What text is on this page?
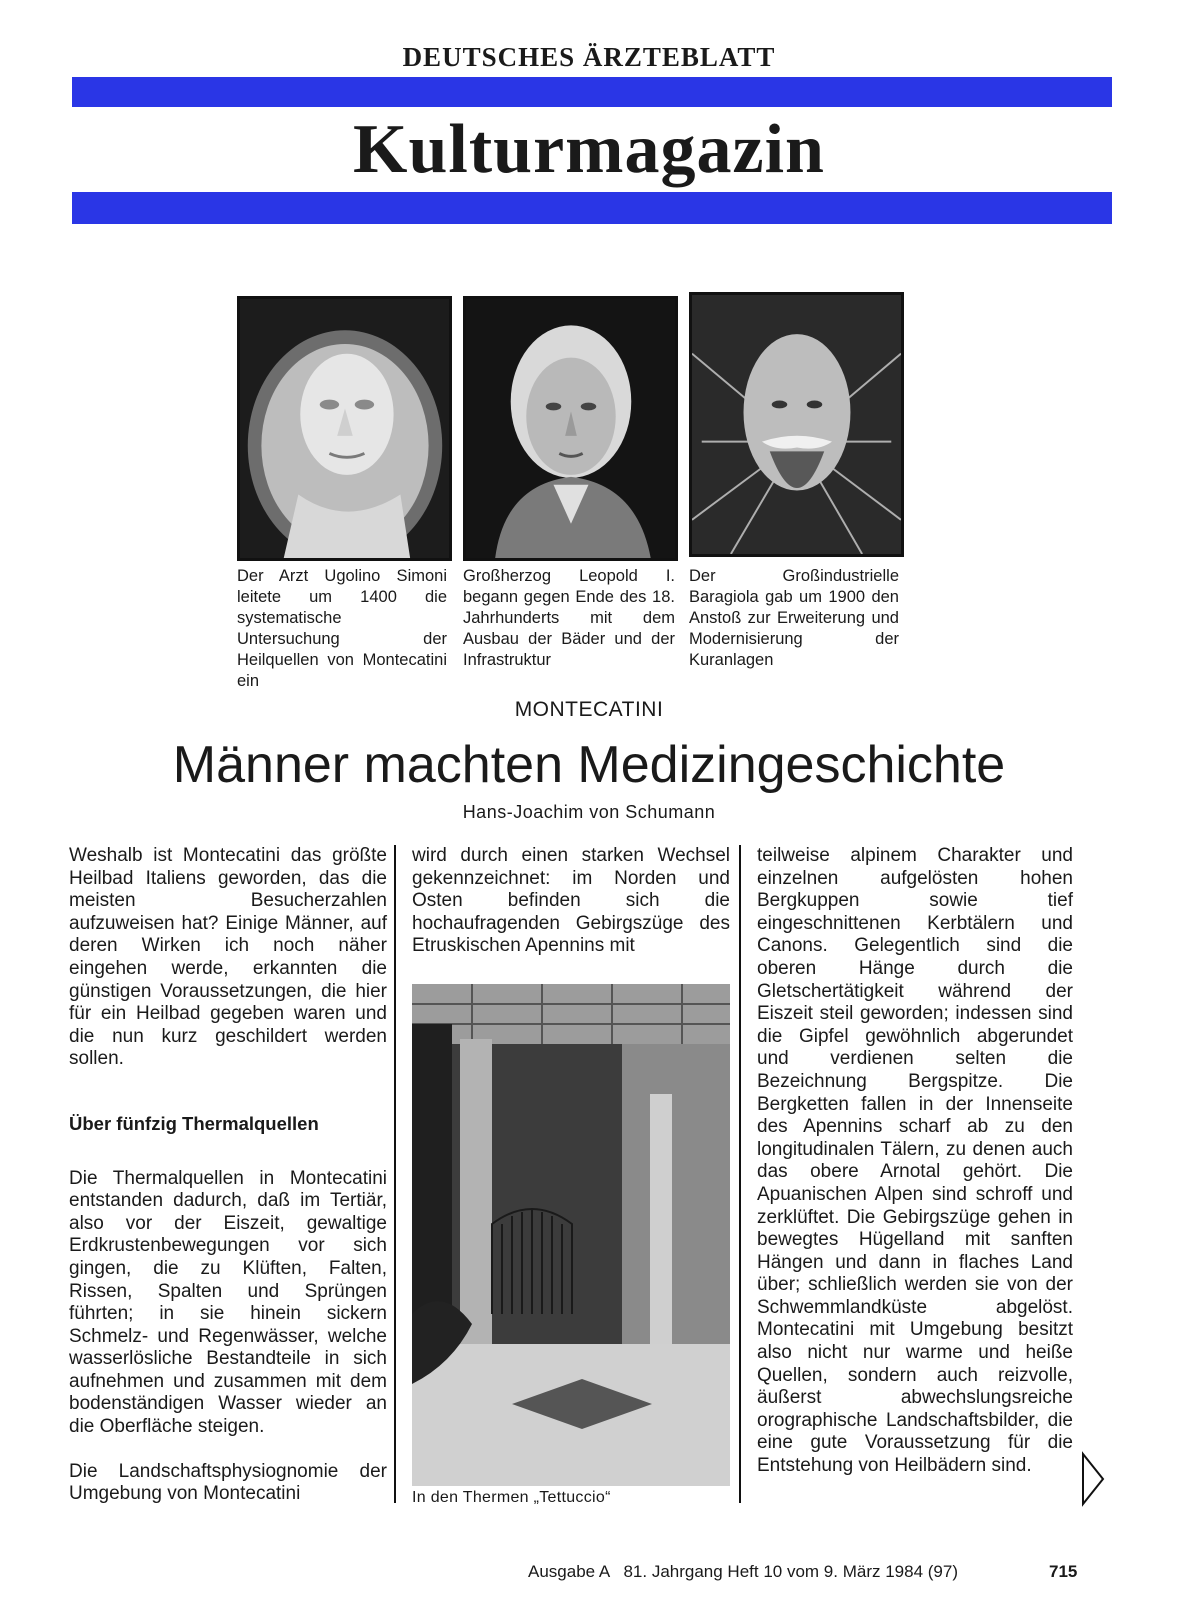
DEUTSCHES ÄRZTEBLATT
Kulturmagazin
Der Arzt Ugolino Simoni leitete um 1400 die systematische Untersuchung der Heilquellen von Montecatini ein
Großherzog Leopold I. begann gegen Ende des 18. Jahrhunderts mit dem Ausbau der Bäder und der Infrastruktur
Der Großindustrielle Baragiola gab um 1900 den Anstoß zur Erweiterung und Modernisierung der Kuranlagen
MONTECATINI
Männer machten Medizingeschichte
Hans-Joachim von Schumann

Weshalb ist Montecatini das größte Heilbad Italiens geworden, das die meisten Besucherzahlen aufzuweisen hat? Einige Männer, auf deren Wirken ich noch näher eingehen werde, erkannten die günstigen Voraussetzungen, die hier für ein Heilbad gegeben waren und die nun kurz geschildert werden sollen.

Über fünfzig Thermalquellen

Die Thermalquellen in Montecatini entstanden dadurch, daß im Tertiär, also vor der Eiszeit, gewaltige Erdkrustenbewegungen vor sich gingen, die zu Klüften, Falten, Rissen, Spalten und Sprüngen führten; in sie hinein sickern Schmelz- und Regenwässer, welche wasserlösliche Bestandteile in sich aufnehmen und zusammen mit dem bodenständigen Wasser wieder an die Oberfläche steigen.

Die Landschaftsphysiognomie der Umgebung von Montecatini

wird durch einen starken Wechsel gekennzeichnet: im Norden und Osten befinden sich die hochaufragenden Gebirgszüge des Etruskischen Apennins mit
In den Thermen „Tettuccio“
teilweise alpinem Charakter und einzelnen aufgelösten hohen Bergkuppen sowie tief eingeschnittenen Kerbtälern und Canons. Gelegentlich sind die oberen Hänge durch die Gletschertätigkeit während der Eiszeit steil geworden; indessen sind die Gipfel gewöhnlich abgerundet und verdienen selten die Bezeichnung Bergspitze. Die Bergketten fallen in der Innenseite des Apennins scharf ab zu den longitudinalen Tälern, zu denen auch das obere Arnotal gehört. Die Apuanischen Alpen sind schroff und zerklüftet. Die Gebirgszüge gehen in bewegtes Hügelland mit sanften Hängen und dann in flaches Land über; schließlich werden sie von der Schwemmlandküste abgelöst. Montecatini mit Umgebung besitzt also nicht nur warme und heiße Quellen, sondern auch reizvolle, äußerst abwechslungsreiche orographische Landschaftsbilder, die eine gute Voraussetzung für die Entstehung von Heilbädern sind.
Ausgabe A   81. Jahrgang Heft 10 vom 9. März 1984 (97)	715
